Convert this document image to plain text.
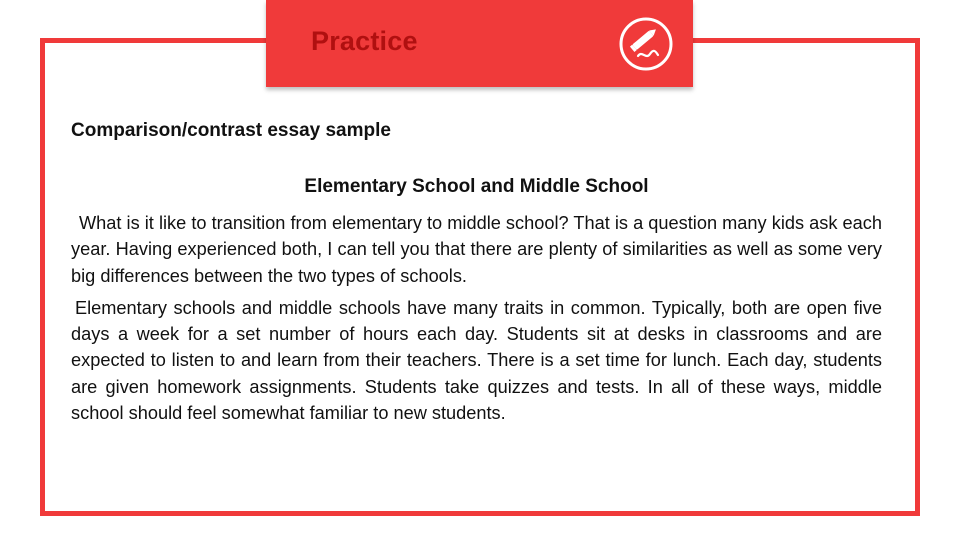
Practice

Comparison/contrast essay sample

Elementary School and Middle School

What is it like to transition from elementary to middle school? That is a question many kids ask each year. Having experienced both, I can tell you that there are plenty of similarities as well as some very big differences between the two types of schools.

Elementary schools and middle schools have many traits in common. Typically, both are open five days a week for a set number of hours each day. Students sit at desks in classrooms and are expected to listen to and learn from their teachers. There is a set time for lunch. Each day, students are given homework assignments. Students take quizzes and tests. In all of these ways, middle school should feel somewhat familiar to new students.
